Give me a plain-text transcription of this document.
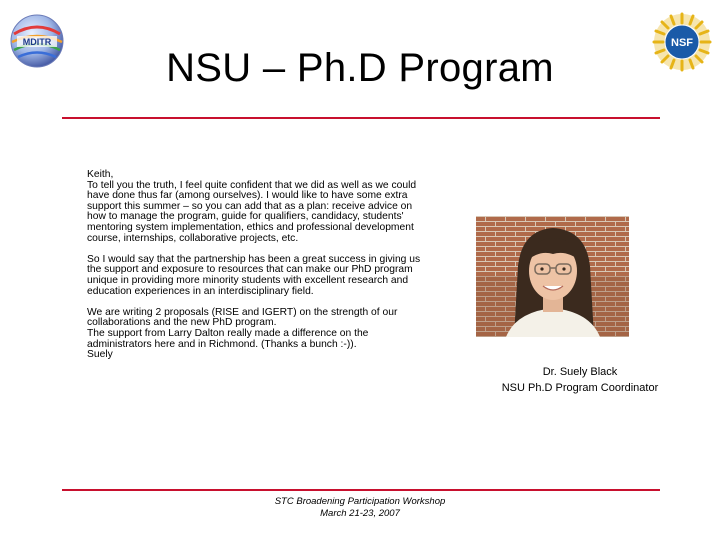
MDITR	NSF
NSU – Ph.D Program

Keith,
To tell you the truth, I feel quite confident that we did as well as we could have done thus far (among ourselves). I would like to have some extra support this summer – so you can add that as a plan: receive advice on how to manage the program, guide for qualifiers, candidacy, students' mentoring system implementation, ethics and professional development course, internships, collaborative projects, etc.

So I would say that the partnership has been a great success in giving us the support and exposure to resources that can make our PhD program unique in providing more minority students with excellent research and education experiences in an interdisciplinary field.

We are writing 2 proposals (RISE and IGERT) on the strength of our collaborations and the new PhD program.
The support from Larry Dalton really made a difference on the administrators here and in Richmond. (Thanks a bunch :-)).
Suely

Dr. Suely Black
NSU Ph.D Program Coordinator
STC Broadening Participation Workshop
March 21-23, 2007
